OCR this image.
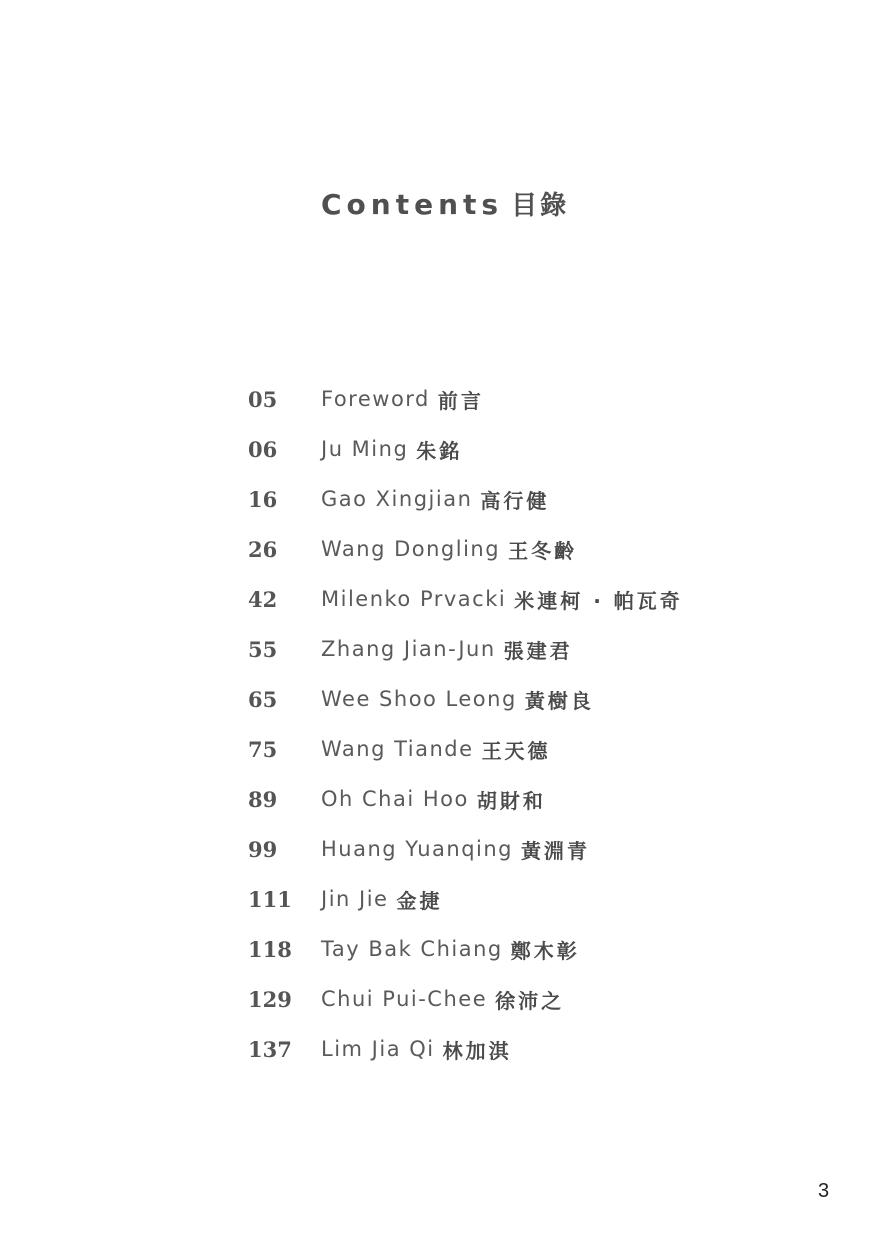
Contents 目錄
05	Foreword 前言
06	Ju Ming 朱銘
16	Gao Xingjian 高行健
26	Wang Dongling 王冬齡
42	Milenko Prvacki 米連柯 · 帕瓦奇
55	Zhang Jian-Jun 張建君
65	Wee Shoo Leong 黃樹良
75	Wang Tiande 王天德
89	Oh Chai Hoo 胡財和
99	Huang Yuanqing 黃淵青
111	Jin Jie 金捷
118	Tay Bak Chiang 鄭木彰
129	Chui Pui-Chee 徐沛之
137	Lim Jia Qi 林加淇
3
